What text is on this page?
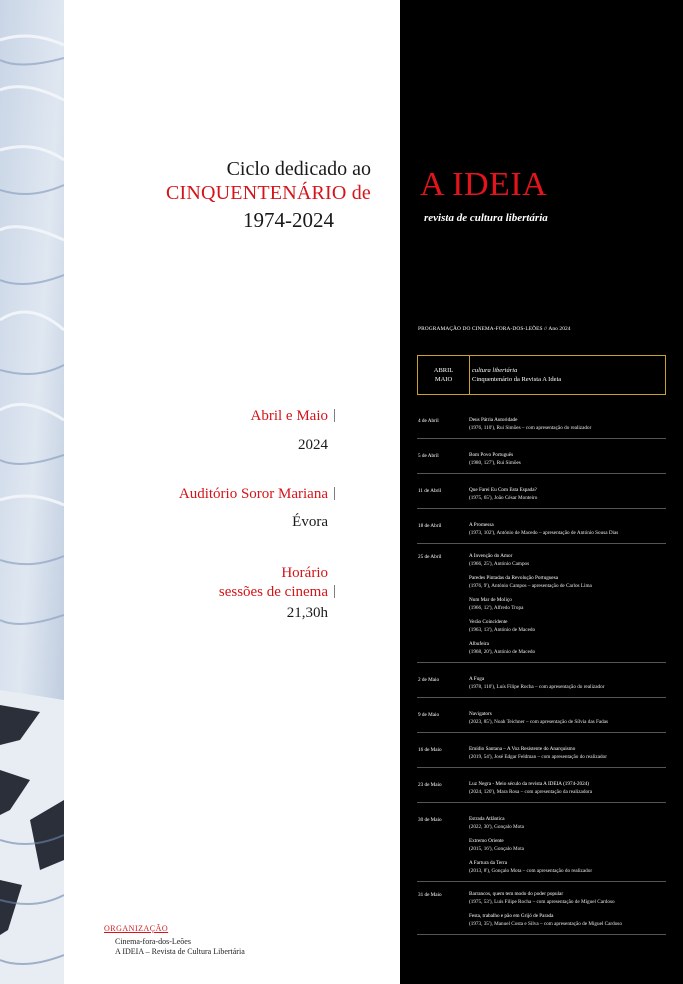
Ciclo dedicado ao
CINQUENTENÁRIO de
1974-2024
Abril e Maio |
2024
Auditório Soror Mariana |
Évora
Horário
sessões de cinema |
21,30h
ORGANIZAÇÃO
Cinema-fora-dos-Leões
A IDEIA – Revista de Cultura Libertária
A IDEIA
revista de cultura libertária
PROGRAMAÇÃO DO CINEMA-FORA-DOS-LEÕES // Ano 2024
ABRIL
MAIO
cultura libertária
Cinquentenário da Revista A Ideia
4 de Abril	Deus Pátria Autoridade
(1976, 110'), Rui Simões – com apresentação do realizador
5 de Abril	Bom Povo Português
(1980, 127'), Rui Simões
11 de Abril	Que Farei Eu Com Esta Espada?
(1975, 65'), João César Monteiro
18 de Abril	A Promessa
(1973, 102'), António de Macedo – apresentação de António Sousa Dias
25 de Abril	A Invenção do Amor
(1966, 25'), António Campos
Paredes Pintadas da Revolução Portuguesa
(1976, 9'), António Campos – apresentação de Carlos Lima
Num Mar de Moliço
(1966, 12'), Alfredo Tropa
Verão Coincidente
(1963, 13'), António de Macedo
Albufeira
(1968, 20'), António de Macedo
2 de Maio	A Fuga
(1978, 110'), Luís Filipe Rocha – com apresentação do realizador
9 de Maio	Navigators
(2023, 85'), Noah Teichner – com apresentação de Sílvia das Fadas
16 de Maio	Emídio Santana – A Voz Resistente do Anarquismo
(2019, 54'), José Edgar Feldman – com apresentação do realizador
23 de Maio	Luz Negra - Meio século da revista A IDEIA (1974-2024)
(2024, 120'), Mara Rosa – com apresentação da realizadora
30 de Maio	Estrada Atlântica
(2022, 30'), Gonçalo Mota
Extremo Oriente
(2015, 16'), Gonçalo Mota
A Fartura da Terra
(2013, 8'), Gonçalo Mota – com apresentação do realizador
31 de Maio	Barrancos, quem tem modo do poder popular
(1975, 53'), Luís Filipe Rocha – com apresentação de Miguel Cardoso
Festa, trabalho e pão em Grijó de Parada
(1973, 35'), Manuel Costa e Silva – com apresentação de Miguel Cardoso
